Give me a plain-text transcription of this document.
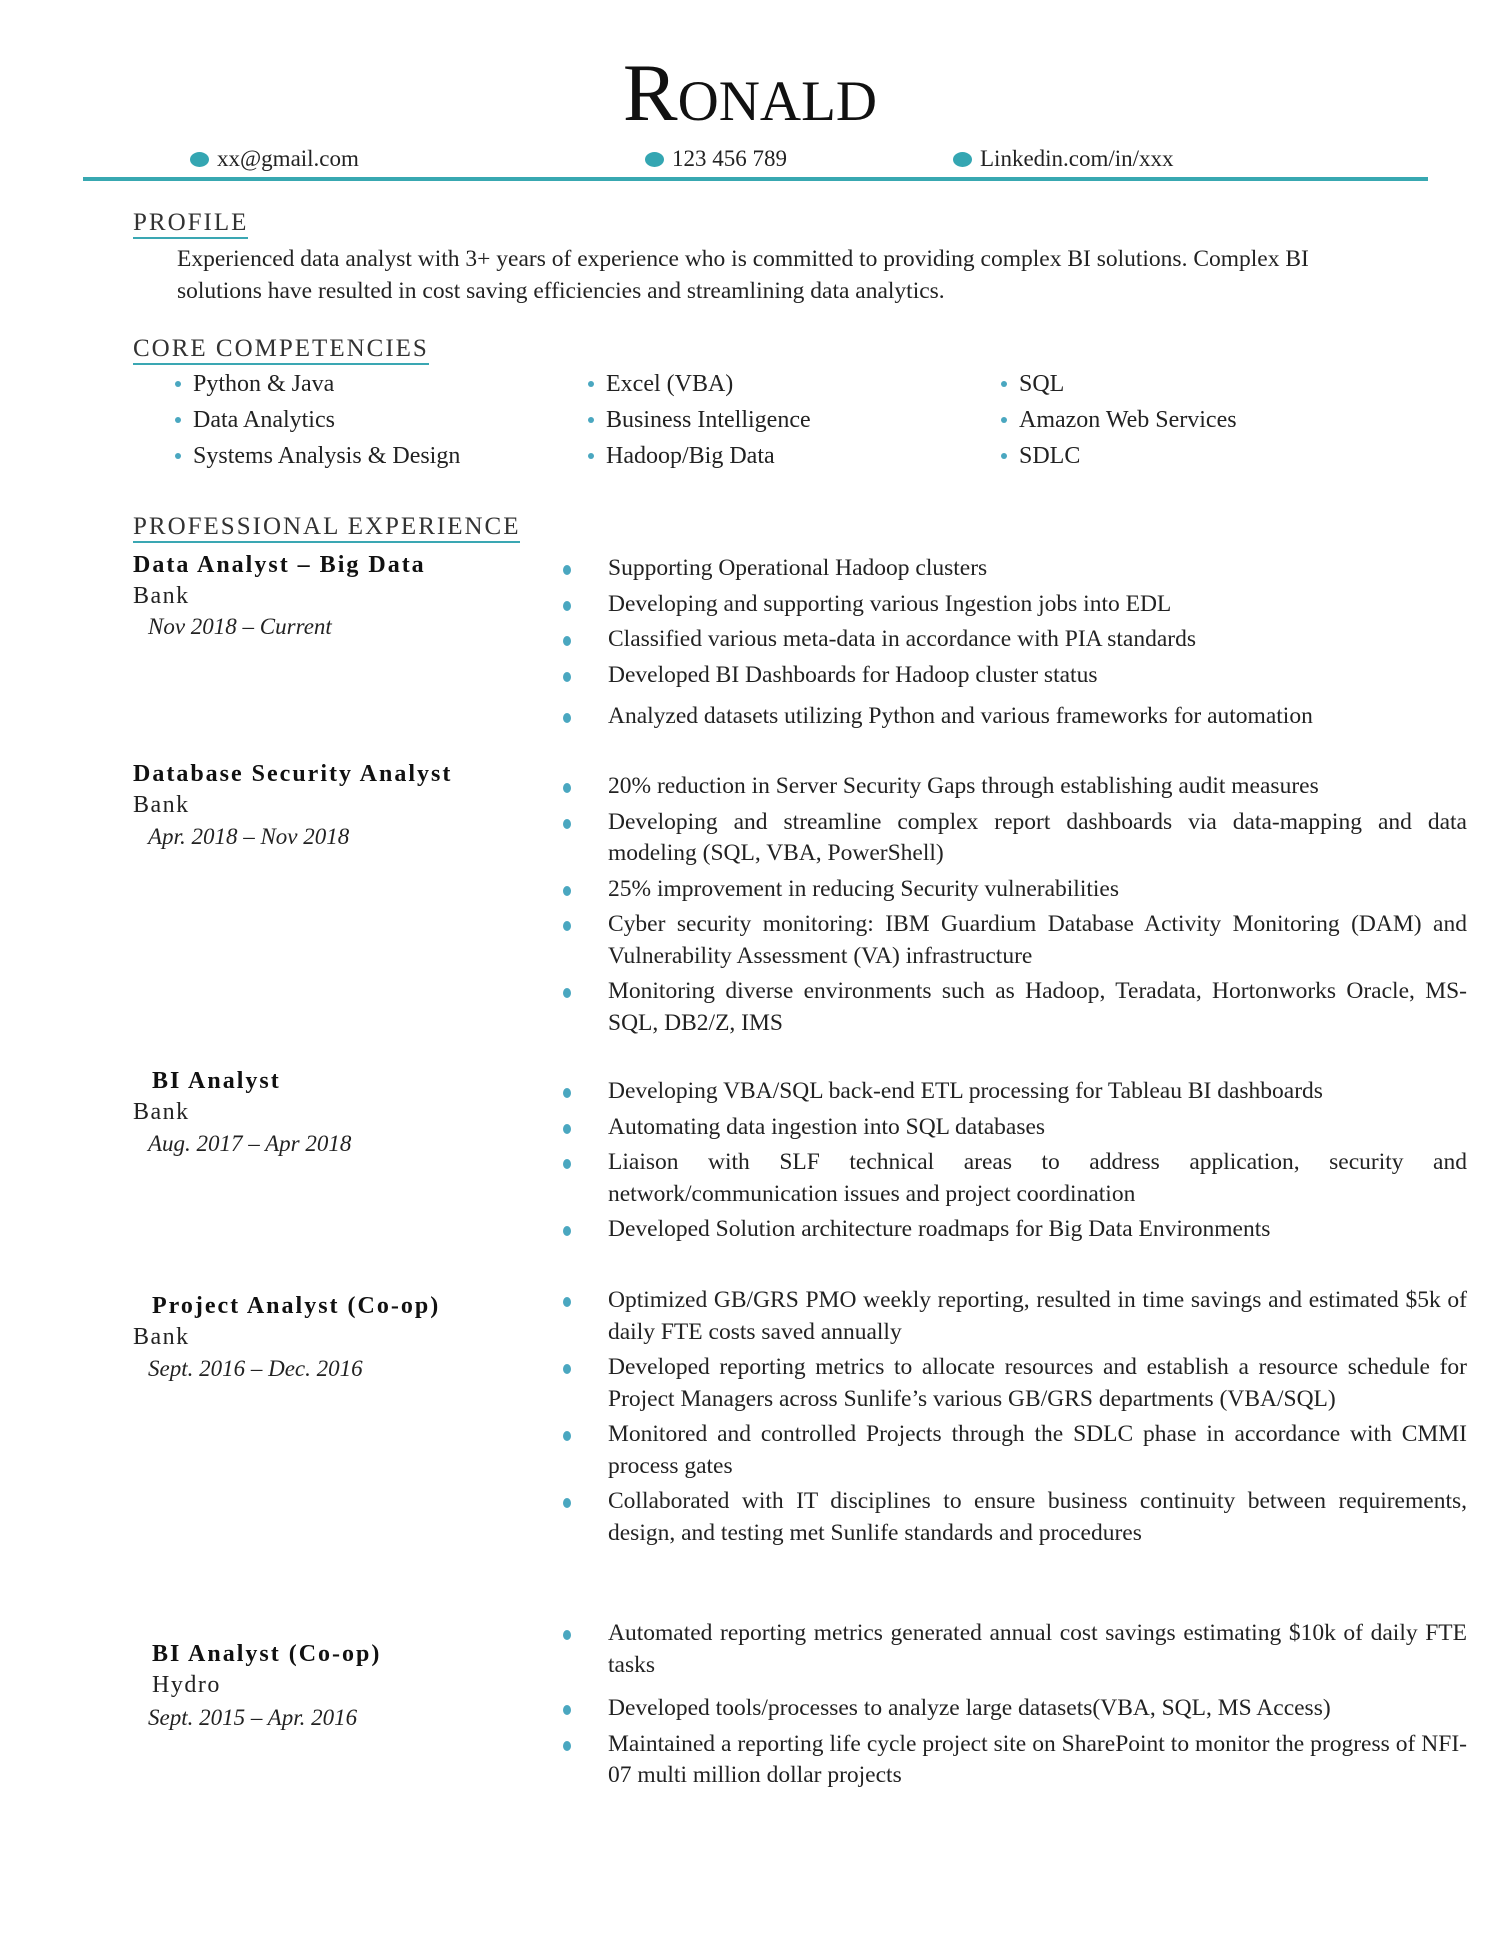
Ronald
xx@gmail.com	123 456 789	Linkedin.com/in/xxx
PROFILE
Experienced data analyst with 3+ years of experience who is committed to providing complex BI solutions. Complex BI solutions have resulted in cost saving efficiencies and streamlining data analytics.
CORE COMPETENCIES
Python & Java
Data Analytics
Systems Analysis & Design
Excel (VBA)
Business Intelligence
Hadoop/Big Data
SQL
Amazon Web Services
SDLC
PROFESSIONAL EXPERIENCE
Data Analyst – Big Data
Bank
Nov 2018 – Current
Supporting Operational Hadoop clusters
Developing and supporting various Ingestion jobs into EDL
Classified various meta-data in accordance with PIA standards
Developed BI Dashboards for Hadoop cluster status
Analyzed datasets utilizing Python and various frameworks for automation
Database Security Analyst
Bank
Apr. 2018 – Nov 2018
20% reduction in Server Security Gaps through establishing audit measures
Developing and streamline complex report dashboards via data-mapping and data modeling (SQL, VBA, PowerShell)
25% improvement in reducing Security vulnerabilities
Cyber security monitoring: IBM Guardium Database Activity Monitoring (DAM) and Vulnerability Assessment (VA) infrastructure
Monitoring diverse environments such as Hadoop, Teradata, Hortonworks Oracle, MS-SQL, DB2/Z, IMS
BI Analyst
Bank
Aug. 2017 – Apr 2018
Developing VBA/SQL back-end ETL processing for Tableau BI dashboards
Automating data ingestion into SQL databases
Liaison with SLF technical areas to address application, security and network/communication issues and project coordination
Developed Solution architecture roadmaps for Big Data Environments
Project Analyst (Co-op)
Bank
Sept. 2016 – Dec. 2016
Optimized GB/GRS PMO weekly reporting, resulted in time savings and estimated $5k of daily FTE costs saved annually
Developed reporting metrics to allocate resources and establish a resource schedule for Project Managers across Sunlife’s various GB/GRS departments (VBA/SQL)
Monitored and controlled Projects through the SDLC phase in accordance with CMMI process gates
Collaborated with IT disciplines to ensure business continuity between requirements, design, and testing met Sunlife standards and procedures
BI Analyst (Co-op)
Hydro
Sept. 2015 – Apr. 2016
Automated reporting metrics generated annual cost savings estimating $10k of daily FTE tasks
Developed tools/processes to analyze large datasets(VBA, SQL, MS Access)
Maintained a reporting life cycle project site on SharePoint to monitor the progress of NFI-07 multi million dollar projects
